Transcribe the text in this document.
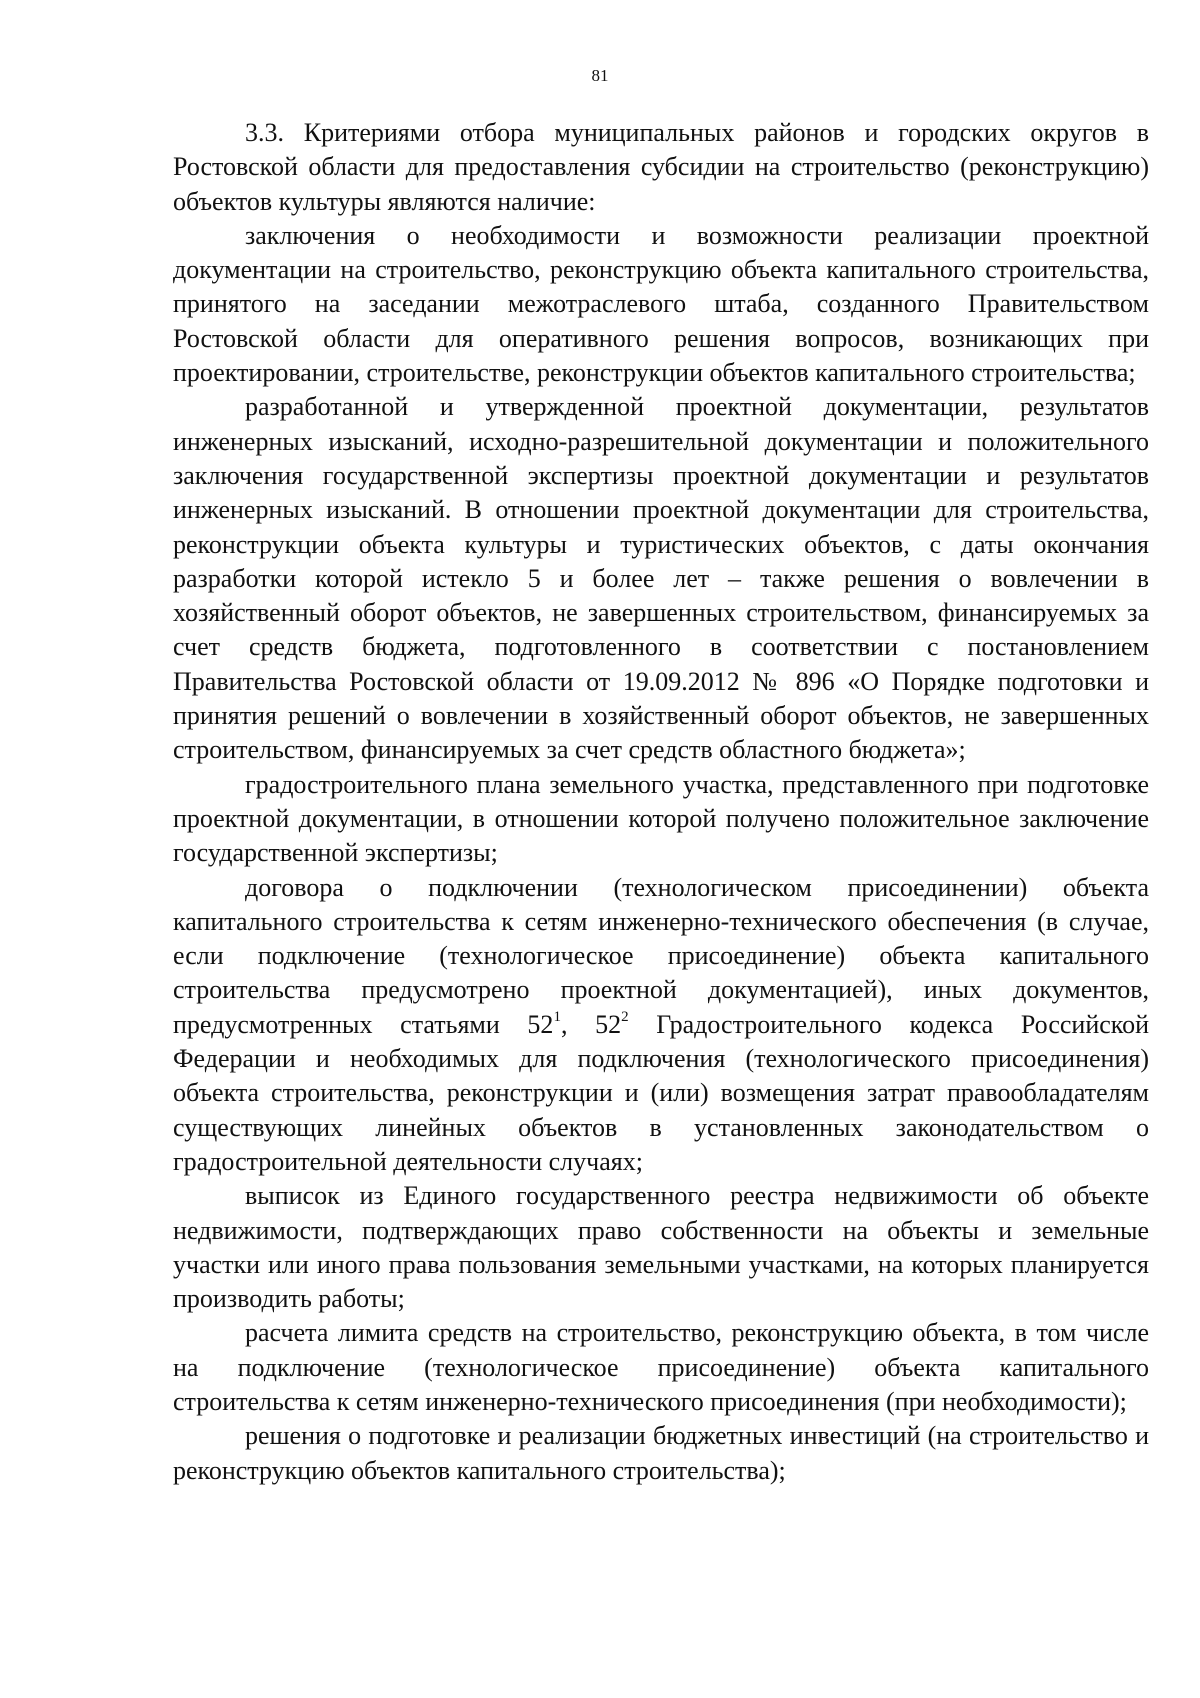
81

3.3. Критериями отбора муниципальных районов и городских округов в Ростовской области для предоставления субсидии на строительство (реконструкцию) объектов культуры являются наличие:

заключения о необходимости и возможности реализации проектной документации на строительство, реконструкцию объекта капитального строительства, принятого на заседании межотраслевого штаба, созданного Правительством Ростовской области для оперативного решения вопросов, возникающих при проектировании, строительстве, реконструкции объектов капитального строительства;

разработанной и утвержденной проектной документации, результатов инженерных изысканий, исходно-разрешительной документации и положительного заключения государственной экспертизы проектной документации и результатов инженерных изысканий. В отношении проектной документации для строительства, реконструкции объекта культуры и туристических объектов, с даты окончания разработки которой истекло 5 и более лет – также решения о вовлечении в хозяйственный оборот объектов, не завершенных строительством, финансируемых за счет средств бюджета, подготовленного в соответствии с постановлением Правительства Ростовской области от 19.09.2012 № 896 «О Порядке подготовки и принятия решений о вовлечении в хозяйственный оборот объектов, не завершенных строительством, финансируемых за счет средств областного бюджета»;

градостроительного плана земельного участка, представленного при подготовке проектной документации, в отношении которой получено положительное заключение государственной экспертизы;

договора о подключении (технологическом присоединении) объекта капитального строительства к сетям инженерно-технического обеспечения (в случае, если подключение (технологическое присоединение) объекта капитального строительства предусмотрено проектной документацией), иных документов, предусмотренных статьями $52^1$, $52^2$ Градостроительного кодекса Российской Федерации и необходимых для подключения (технологического присоединения) объекта строительства, реконструкции и (или) возмещения затрат правообладателям существующих линейных объектов в установленных законодательством о градостроительной деятельности случаях;

выписок из Единого государственного реестра недвижимости об объекте недвижимости, подтверждающих право собственности на объекты и земельные участки или иного права пользования земельными участками, на которых планируется производить работы;

расчета лимита средств на строительство, реконструкцию объекта, в том числе на подключение (технологическое присоединение) объекта капитального строительства к сетям инженерно-технического присоединения (при необходимости);

решения о подготовке и реализации бюджетных инвестиций (на строительство и реконструкцию объектов капитального строительства);
